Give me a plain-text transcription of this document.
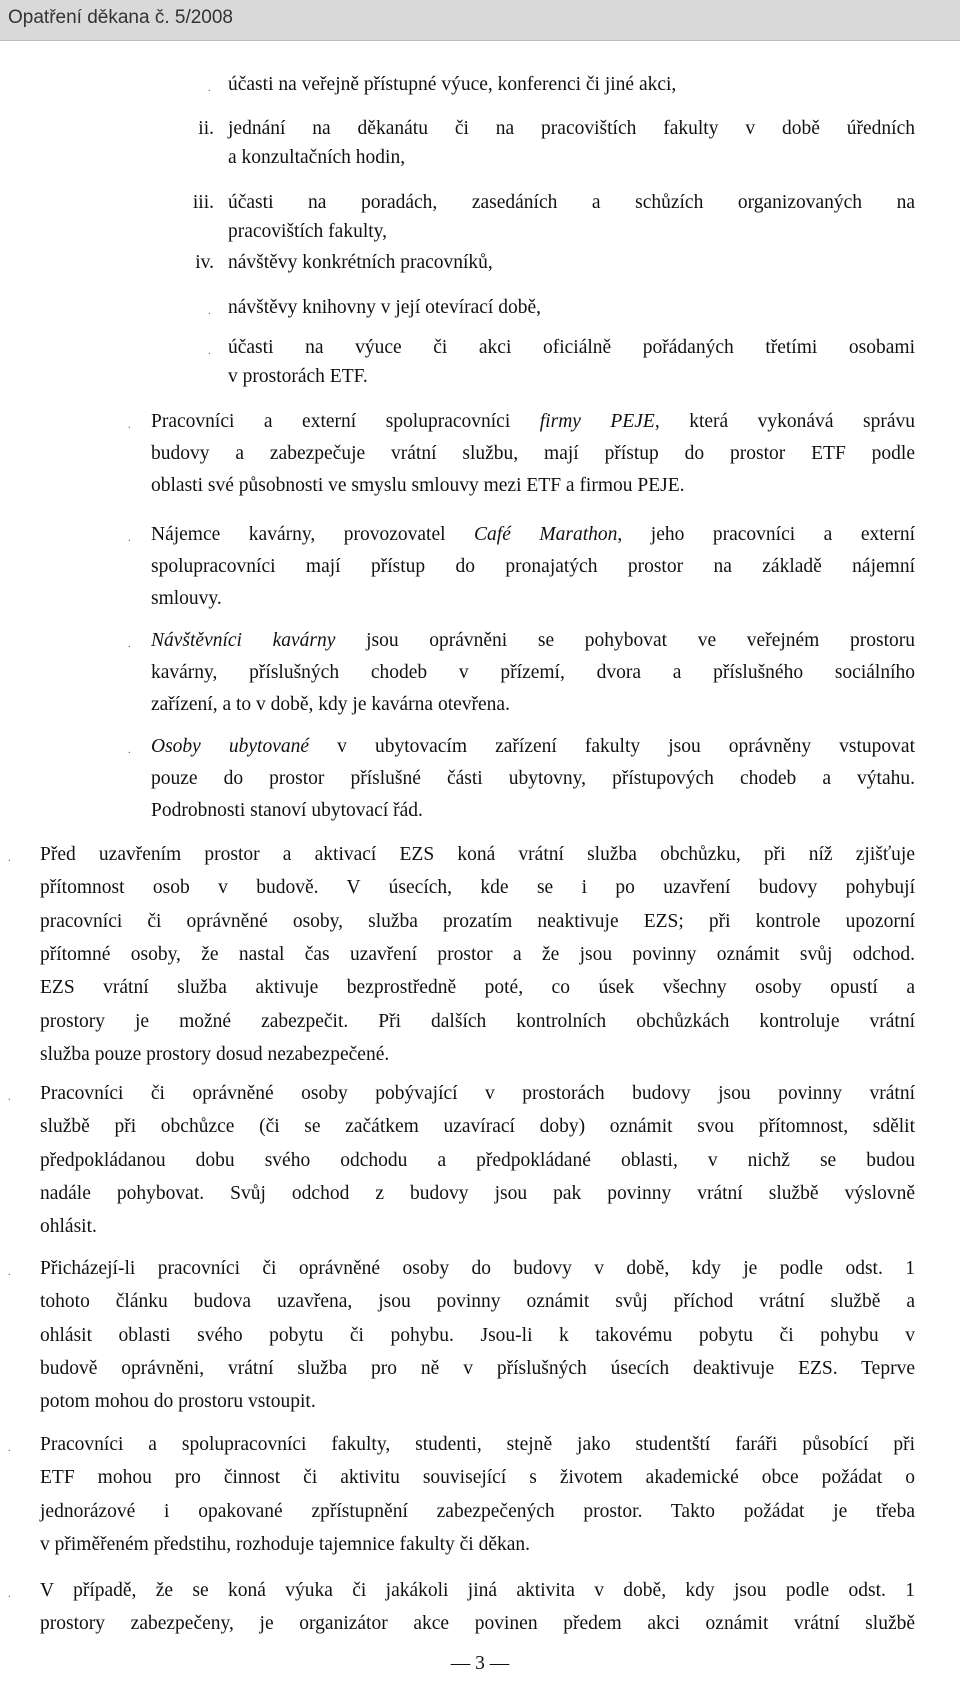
Opatření děkana č. 5/2008
. účasti na veřejně přístupné výuce, konferenci či jiné akci,
ii. jednání na děkanátu či na pracovištích fakulty v době úředních
a konzultačních hodin,
iii. účasti na poradách, zasedáních a schůzích organizovaných na
pracovištích fakulty,
iv. návštěvy konkrétních pracovníků,
. návštěvy knihovny v její otevírací době,
. účasti na výuce či akci oficiálně pořádaných třetími osobami
v prostorách ETF.
. Pracovníci a externí spolupracovníci firmy PEJE, která vykonává správu
budovy a zabezpečuje vrátní službu, mají přístup do prostor ETF podle
oblasti své působnosti ve smyslu smlouvy mezi ETF a firmou PEJE.
. Nájemce kavárny, provozovatel Café Marathon, jeho pracovníci a externí
spolupracovníci mají přístup do pronajatých prostor na základě nájemní
smlouvy.
. Návštěvníci kavárny jsou oprávněni se pohybovat ve veřejném prostoru
kavárny, příslušných chodeb v přízemí, dvora a příslušného sociálního
zařízení, a to v době, kdy je kavárna otevřena.
. Osoby ubytované v ubytovacím zařízení fakulty jsou oprávněny vstupovat
pouze do prostor příslušné části ubytovny, přístupových chodeb a výtahu.
Podrobnosti stanoví ubytovací řád.
. Před uzavřením prostor a aktivací EZS koná vrátní služba obchůzku, při níž zjišťuje
přítomnost osob v budově. V úsecích, kde se i po uzavření budovy pohybují
pracovníci či oprávněné osoby, služba prozatím neaktivuje EZS; při kontrole upozorní
přítomné osoby, že nastal čas uzavření prostor a že jsou povinny oznámit svůj odchod.
EZS vrátní služba aktivuje bezprostředně poté, co úsek všechny osoby opustí a
prostory je možné zabezpečit. Při dalších kontrolních obchůzkách kontroluje vrátní
služba pouze prostory dosud nezabezpečené.
. Pracovníci či oprávněné osoby pobývající v prostorách budovy jsou povinny vrátní
službě při obchůzce (či se začátkem uzavírací doby) oznámit svou přítomnost, sdělit
předpokládanou dobu svého odchodu a předpokládané oblasti, v nichž se budou
nadále pohybovat. Svůj odchod z budovy jsou pak povinny vrátní službě výslovně
ohlásit.
. Přicházejí-li pracovníci či oprávněné osoby do budovy v době, kdy je podle odst. 1
tohoto článku budova uzavřena, jsou povinny oznámit svůj příchod vrátní službě a
ohlásit oblasti svého pobytu či pohybu. Jsou-li k takovému pobytu či pohybu v
budově oprávněni, vrátní služba pro ně v příslušných úsecích deaktivuje EZS. Teprve
potom mohou do prostoru vstoupit.
. Pracovníci a spolupracovníci fakulty, studenti, stejně jako studentští faráři působící při
ETF mohou pro činnost či aktivitu související s životem akademické obce požádat o
jednorázové i opakované zpřístupnění zabezpečených prostor. Takto požádat je třeba
v přiměřeném předstihu, rozhoduje tajemnice fakulty či děkan.
. V případě, že se koná výuka či jakákoli jiná aktivita v době, kdy jsou podle odst. 1
prostory zabezpečeny, je organizátor akce povinen předem akci oznámit vrátní službě
— 3 —
